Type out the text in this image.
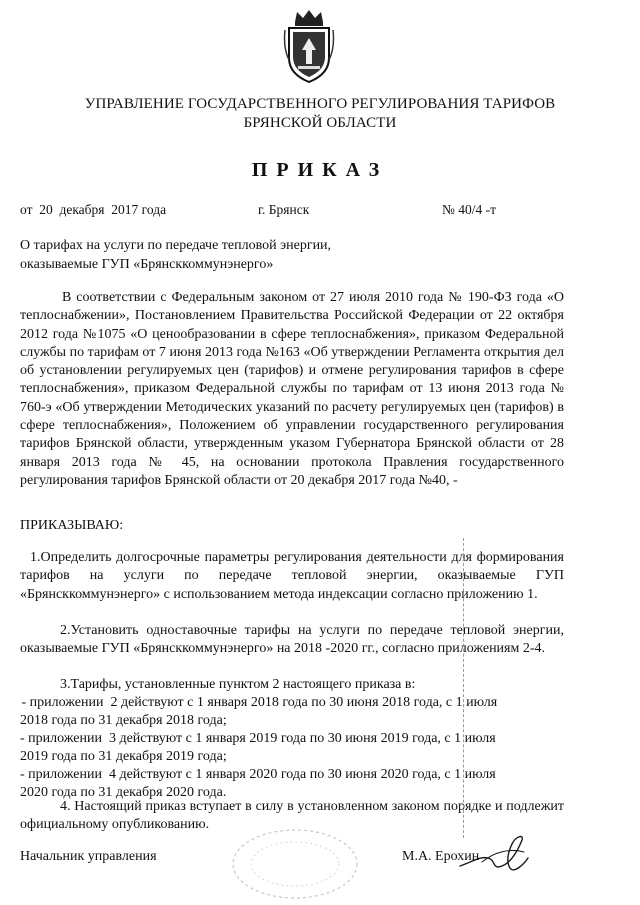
УПРАВЛЕНИЕ ГОСУДАРСТВЕННОГО РЕГУЛИРОВАНИЯ ТАРИФОВ
БРЯНСКОЙ ОБЛАСТИ
ПРИКАЗ
от  20  декабря  2017 года	г. Брянск	№ 40/4 -т
О тарифах на услуги по передаче тепловой энергии,
оказываемые ГУП «Брянсккоммунэнерго»
В соответствии с Федеральным законом от 27 июля 2010 года № 190-ФЗ года «О теплоснабжении», Постановлением Правительства Российской Федерации от 22 октября 2012 года №1075 «О ценообразовании в сфере теплоснабжения», приказом Федеральной службы по тарифам от 7 июня 2013 года №163 «Об утверждении Регламента открытия дел об установлении регулируемых цен (тарифов) и отмене регулирования тарифов в сфере теплоснабжения», приказом Федеральной службы по тарифам от 13 июня 2013 года № 760-э «Об утверждении Методических указаний по расчету регулируемых цен (тарифов) в сфере теплоснабжения», Положением об управлении государственного регулирования тарифов Брянской области, утвержденным указом Губернатора Брянской области от 28 января 2013 года № 45, на основании протокола Правления государственного регулирования тарифов Брянской области от 20 декабря 2017 года №40, -
ПРИКАЗЫВАЮ:
1.Определить долгосрочные параметры регулирования деятельности для формирования тарифов на услуги по передаче тепловой энергии, оказываемые ГУП «Брянсккоммунэнерго» с использованием метода индексации согласно приложению 1.
2.Установить одноставочные тарифы на услуги по передаче тепловой энергии, оказываемые ГУП «Брянсккоммунэнерго» на 2018 -2020 гг., согласно приложениям 2-4.
3.Тарифы, установленные пунктом 2 настоящего приказа в:
- приложении  2 действуют с 1 января 2018 года по 30 июня 2018 года, с 1 июля
2018 года по 31 декабря 2018 года;
- приложении  3 действуют с 1 января 2019 года по 30 июня 2019 года, с 1 июля
2019 года по 31 декабря 2019 года;
- приложении  4 действуют с 1 января 2020 года по 30 июня 2020 года, с 1 июля
2020 года по 31 декабря 2020 года.
4. Настоящий приказ вступает в силу в установленном законом порядке и подлежит официальному опубликованию.
Начальник управления	М.А. Ерохин
